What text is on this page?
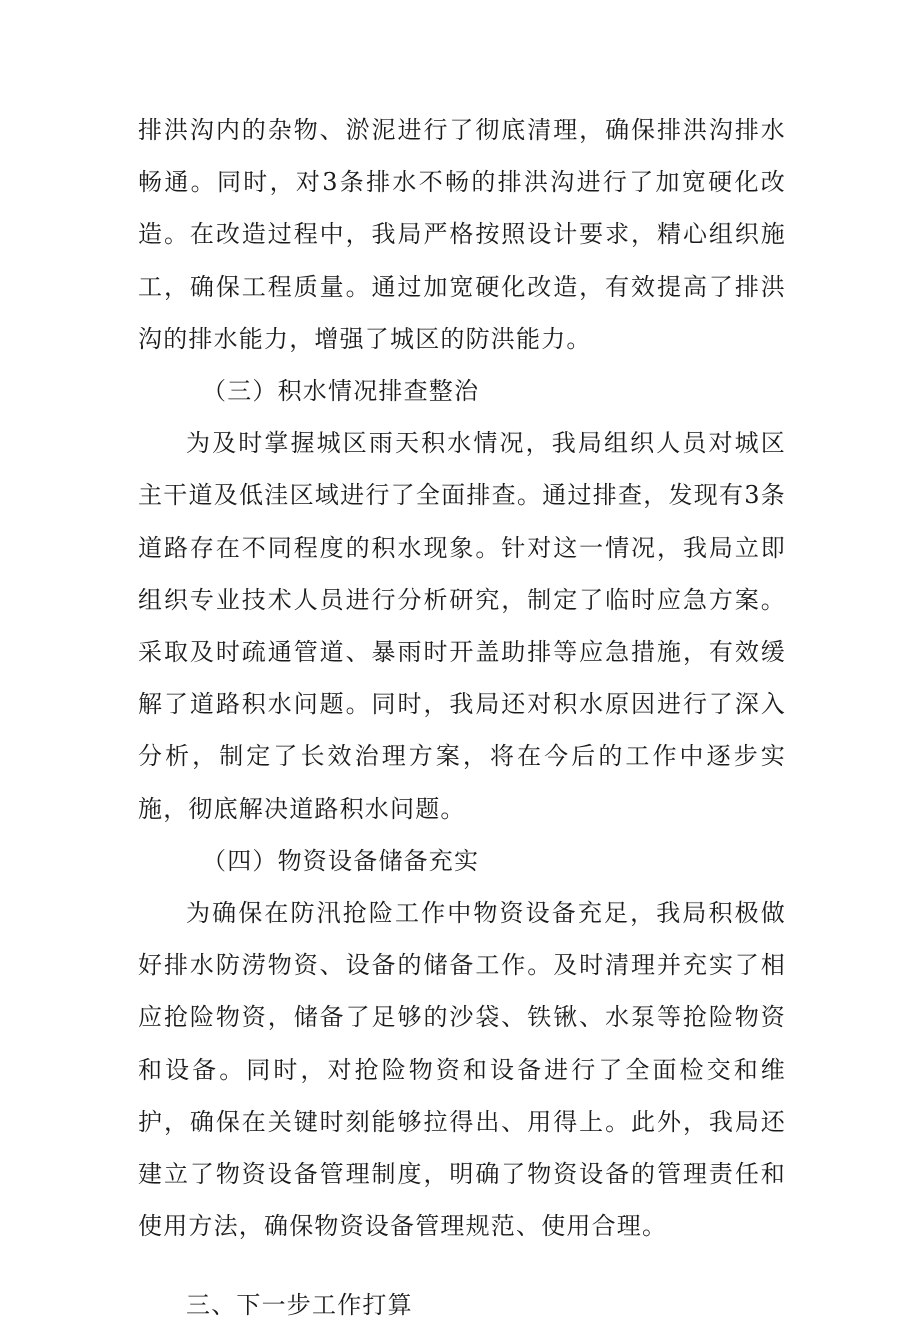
排洪沟内的杂物、淤泥进行了彻底清理，确保排洪沟排水畅通。同时，对3条排水不畅的排洪沟进行了加宽硬化改造。在改造过程中，我局严格按照设计要求，精心组织施工，确保工程质量。通过加宽硬化改造，有效提高了排洪沟的排水能力，增强了城区的防洪能力。

（三）积水情况排查整治

为及时掌握城区雨天积水情况，我局组织人员对城区主干道及低洼区域进行了全面排查。通过排查，发现有3条道路存在不同程度的积水现象。针对这一情况，我局立即组织专业技术人员进行分析研究，制定了临时应急方案。采取及时疏通管道、暴雨时开盖助排等应急措施，有效缓解了道路积水问题。同时，我局还对积水原因进行了深入分析，制定了长效治理方案，将在今后的工作中逐步实施，彻底解决道路积水问题。

（四）物资设备储备充实

为确保在防汛抢险工作中物资设备充足，我局积极做好排水防涝物资、设备的储备工作。及时清理并充实了相应抢险物资，储备了足够的沙袋、铁锹、水泵等抢险物资和设备。同时，对抢险物资和设备进行了全面检交和维护，确保在关键时刻能够拉得出、用得上。此外，我局还建立了物资设备管理制度，明确了物资设备的管理责任和使用方法，确保物资设备管理规范、使用合理。

三、下一步工作打算
